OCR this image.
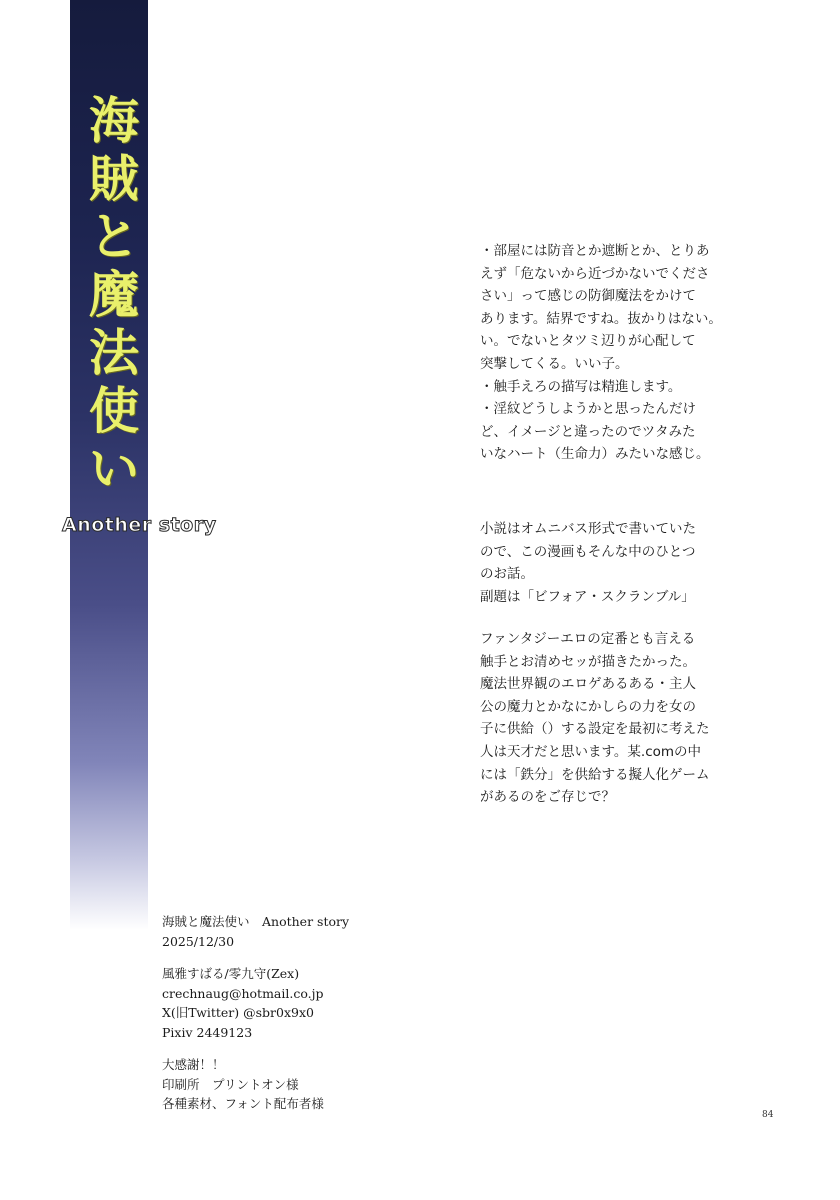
海
賊
と
魔
法
使
い
Another story

・部屋には防音とか遮断とか、とりあ

えず「危ないから近づかないでくださ

さい」って感じの防御魔法をかけて

あります。結界ですね。抜かりはない。

い。でないとタツミ辺りが心配して

突撃してくる。いい子。

・触手えろの描写は精進します。

・淫紋どうしようかと思ったんだけ

ど、イメージと違ったのでツタみた

いなハート（生命力）みたいな感じ。

小説はオムニバス形式で書いていた

ので、この漫画もそんな中のひとつ

のお話。

副題は「ビフォア・スクランブル」

ファンタジーエロの定番とも言える

触手とお清めセッが描きたかった。

魔法世界観のエロゲあるある・主人

公の魔力とかなにかしらの力を女の

子に供給（）する設定を最初に考えた

人は天才だと思います。某.comの中

には「鉄分」を供給する擬人化ゲーム

があるのをご存じで？

海賊と魔法使い　Another story

2025/12/30

風雅すばる/零九守(Zex)

crechnaug@hotmail.co.jp

X(旧Twitter) @sbr0x9x0

Pixiv 2449123

大感謝！！

印刷所　プリントオン様

各種素材、フォント配布者様

84
